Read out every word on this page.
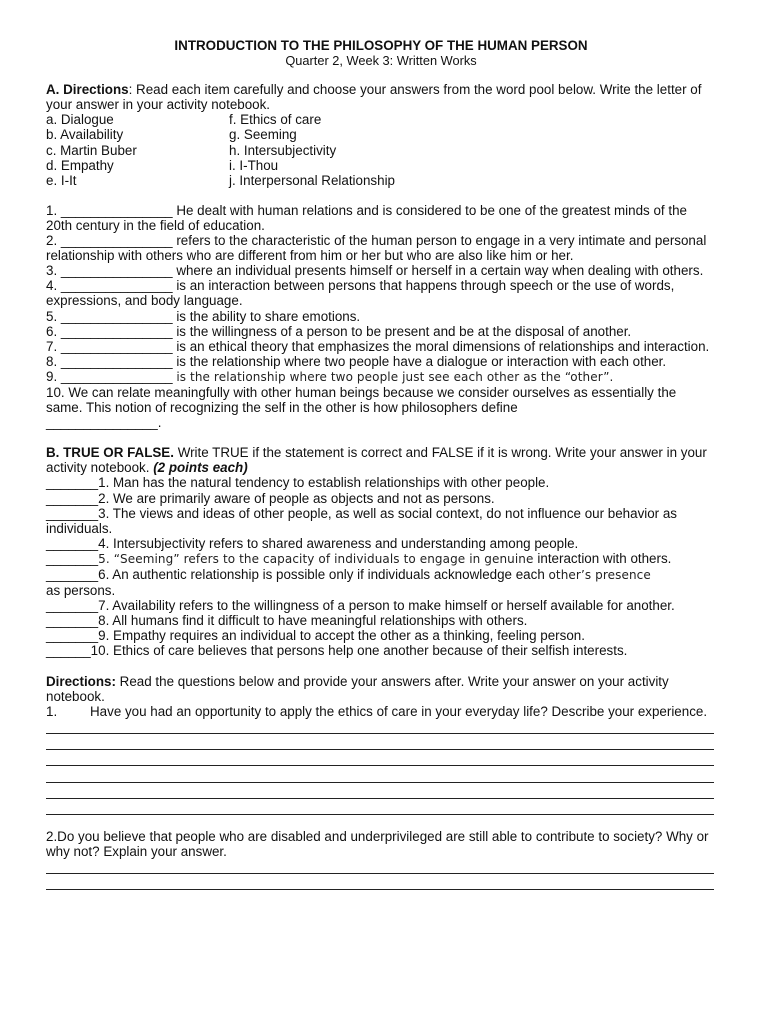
INTRODUCTION TO THE PHILOSOPHY OF THE HUMAN PERSON
Quarter 2, Week 3: Written Works

A. Directions: Read each item carefully and choose your answers from the word pool below. Write the letter of your answer in your activity notebook.

a. Dialogue	f. Ethics of care
b. Availability	g. Seeming
c. Martin Buber	h. Intersubjectivity
d. Empathy	i. I-Thou
e. I-It	j. Interpersonal Relationship

1. _______________ He dealt with human relations and is considered to be one of the greatest minds of the 20th century in the field of education.

2. _______________ refers to the characteristic of the human person to engage in a very intimate and personal relationship with others who are different from him or her but who are also like him or her.

3. _______________ where an individual presents himself or herself in a certain way when dealing with others.

4. _______________ is an interaction between persons that happens through speech or the use of words, expressions, and body language.

5. _______________ is the ability to share emotions.

6. _______________ is the willingness of a person to be present and be at the disposal of another.

7. _______________ is an ethical theory that emphasizes the moral dimensions of relationships and interaction.

8. _______________ is the relationship where two people have a dialogue or interaction with each other.

9. _______________ is the relationship where two people just see each other as the “other”.

10. We can relate meaningfully with other human beings because we consider ourselves as essentially the same. This notion of recognizing the self in the other is how philosophers define
_______________.

B. TRUE OR FALSE. Write TRUE if the statement is correct and FALSE if it is wrong. Write your answer in your activity notebook. (2 points each)

_______1. Man has the natural tendency to establish relationships with other people.

_______2. We are primarily aware of people as objects and not as persons.

_______3. The views and ideas of other people, as well as social context, do not influence our behavior as individuals.

_______4. Intersubjectivity refers to shared awareness and understanding among people.

_______5. “Seeming” refers to the capacity of individuals to engage in genuine interaction with others.

_______6. An authentic relationship is possible only if individuals acknowledge each other’s presence
as persons.

_______7. Availability refers to the willingness of a person to make himself or herself available for another.

_______8. All humans find it difficult to have meaningful relationships with others.

_______9. Empathy requires an individual to accept the other as a thinking, feeling person.

______10. Ethics of care believes that persons help one another because of their selfish interests.

Directions: Read the questions below and provide your answers after. Write your answer on your activity notebook.

1. Have you had an opportunity to apply the ethics of care in your everyday life? Describe your experience.

2.Do you believe that people who are disabled and underprivileged are still able to contribute to society? Why or why not? Explain your answer.
